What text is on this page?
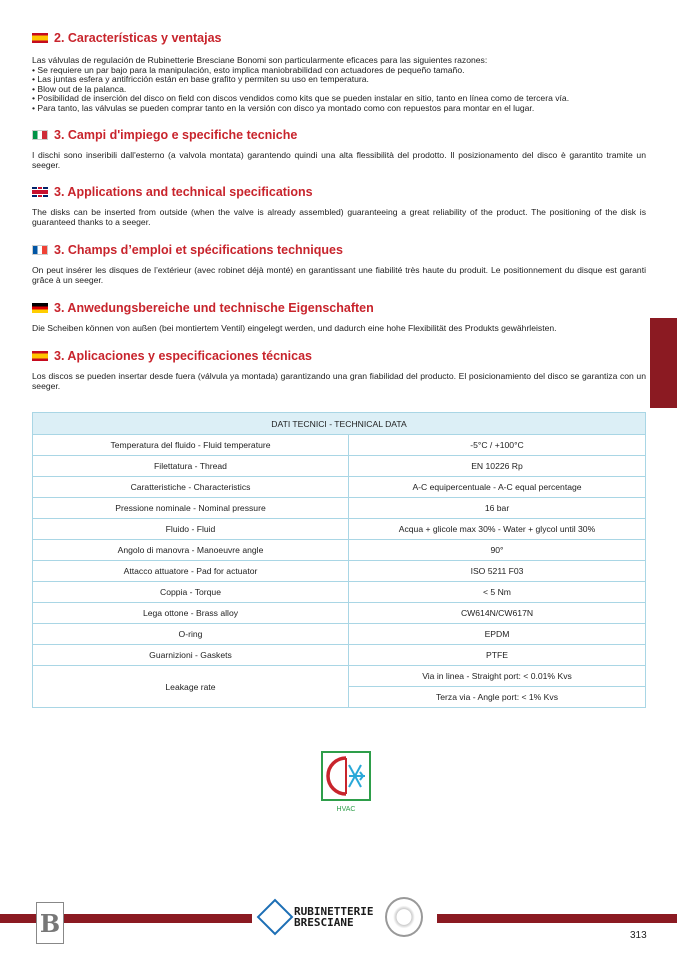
2. Características y ventajas
Las válvulas de regulación de Rubinetterie Bresciane Bonomi son particularmente eficaces para las siguientes razones:
• Se requiere un par bajo para la manipulación, esto implica maniobrabilidad con actuadores de pequeño tamaño.
• Las juntas esfera y antifricción están en base grafito y permiten su uso en temperatura.
• Blow out de la palanca.
• Posibilidad de inserción del disco on field con discos vendidos como kits que se pueden instalar en sitio, tanto en línea como de tercera vía.
• Para tanto, las válvulas se pueden comprar tanto en la versión con disco ya montado como con repuestos para montar en el lugar.
3. Campi d'impiego e specifiche tecniche
I dischi sono inseribili dall'esterno (a valvola montata) garantendo quindi una alta flessibilità del prodotto. Il posizionamento del disco è garantito tramite un seeger.
3. Applications and technical specifications
The disks can be inserted from outside (when the valve is already assembled) guaranteeing a great reliability of the product. The positioning of the disk is guaranteed thanks to a seeger.
3. Champs d’emploi et spécifications techniques
On peut insérer les disques de l’extérieur (avec robinet déjà monté) en garantissant une fiabilité très haute du produit. Le positionnement du disque est garanti grâce à un seeger.
3. Anwedungsbereiche und technische Eigenschaften
Die Scheiben können von außen (bei montiertem Ventil) eingelegt werden, und dadurch eine hohe Flexibilität des Produkts gewährleisten.
3. Aplicaciones y especificaciones técnicas
Los discos se pueden insertar desde fuera (válvula ya montada) garantizando una gran fiabilidad del producto. El posicionamiento del disco se garantiza con un seeger.
DATI TECNICI - TECHNICAL DATA	
Temperatura del fluido - Fluid temperature	-5°C / +100°C
Filettatura - Thread	EN 10226 Rp
Caratteristiche - Characteristics	A-C equipercentuale - A-C equal percentage
Pressione nominale - Nominal pressure	16 bar
Fluido - Fluid	Acqua + glicole max 30% - Water + glycol until 30%
Angolo di manovra - Manoeuvre angle	90°
Attacco attuatore - Pad for actuator	ISO 5211 F03
Coppia - Torque	< 5 Nm
Lega ottone - Brass alloy	CW614N/CW617N
O-ring	EPDM
Guarnizioni - Gaskets	PTFE
Leakage rate	Via in linea - Straight port: < 0.01% Kvs
	Terza via - Angle port: < 1% Kvs
HVAC
B	RUBINETTERIE
BRESCIANE
313
